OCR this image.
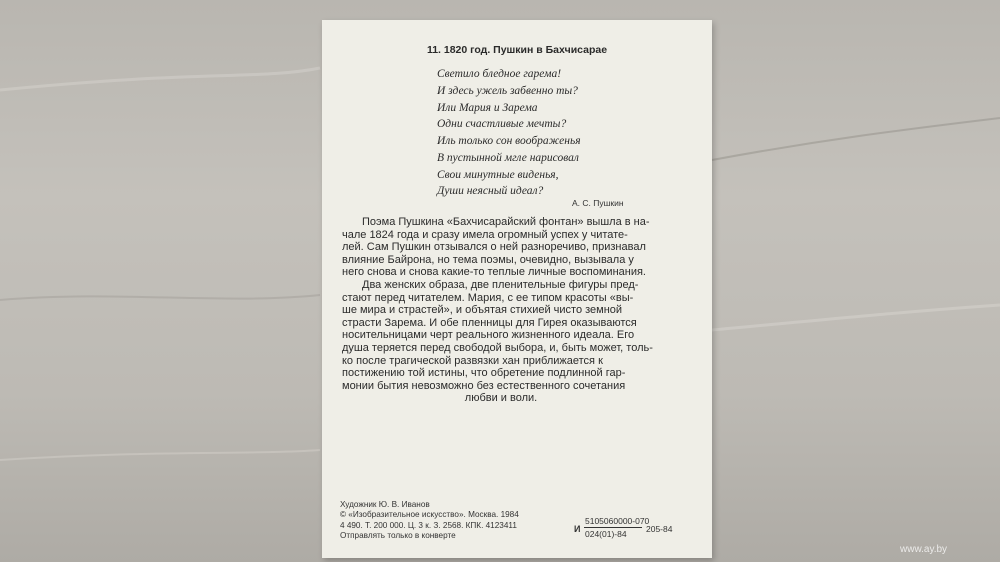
11. 1820 год. Пушкин в Бахчисарае
Светило бледное гарема!
И здесь ужель забвенно ты?
Или Мария и Зарема
Одни счастливые мечты?
Иль только сон воображенья
В пустынной мгле нарисовал
Свои минутные виденья,
Души неясный идеал?
А. С. Пушкин
Поэма Пушкина «Бахчисарайский фонтан» вышла в на-
чале 1824 года и сразу имела огромный успех у читате-
лей. Сам Пушкин отзывался о ней разноречиво, признавал
влияние Байрона, но тема поэмы, очевидно, вызывала у
него снова и снова какие-то теплые личные воспоминания.
Два женских образа, две пленительные фигуры пред-
стают перед читателем. Мария, с ее типом красоты «вы-
ше мира и страстей», и объятая стихией чисто земной
страсти Зарема. И обе пленницы для Гирея оказываются
носительницами черт реального жизненного идеала. Его
душа теряется перед свободой выбора, и, быть может, толь-
ко после трагической развязки хан приближается к
постижению той истины, что обретение подлинной гар-
монии бытия невозможно без естественного сочетания
любви и воли.
Художник Ю. В. Иванов
© «Изобразительное искусство». Москва. 1984
4 490. Т. 200 000. Ц. 3 к. З. 2568. КПК. 4123411
Отправлять только в конверте
И
5105060000-070
024(01)-84	205-84
www.ay.by
